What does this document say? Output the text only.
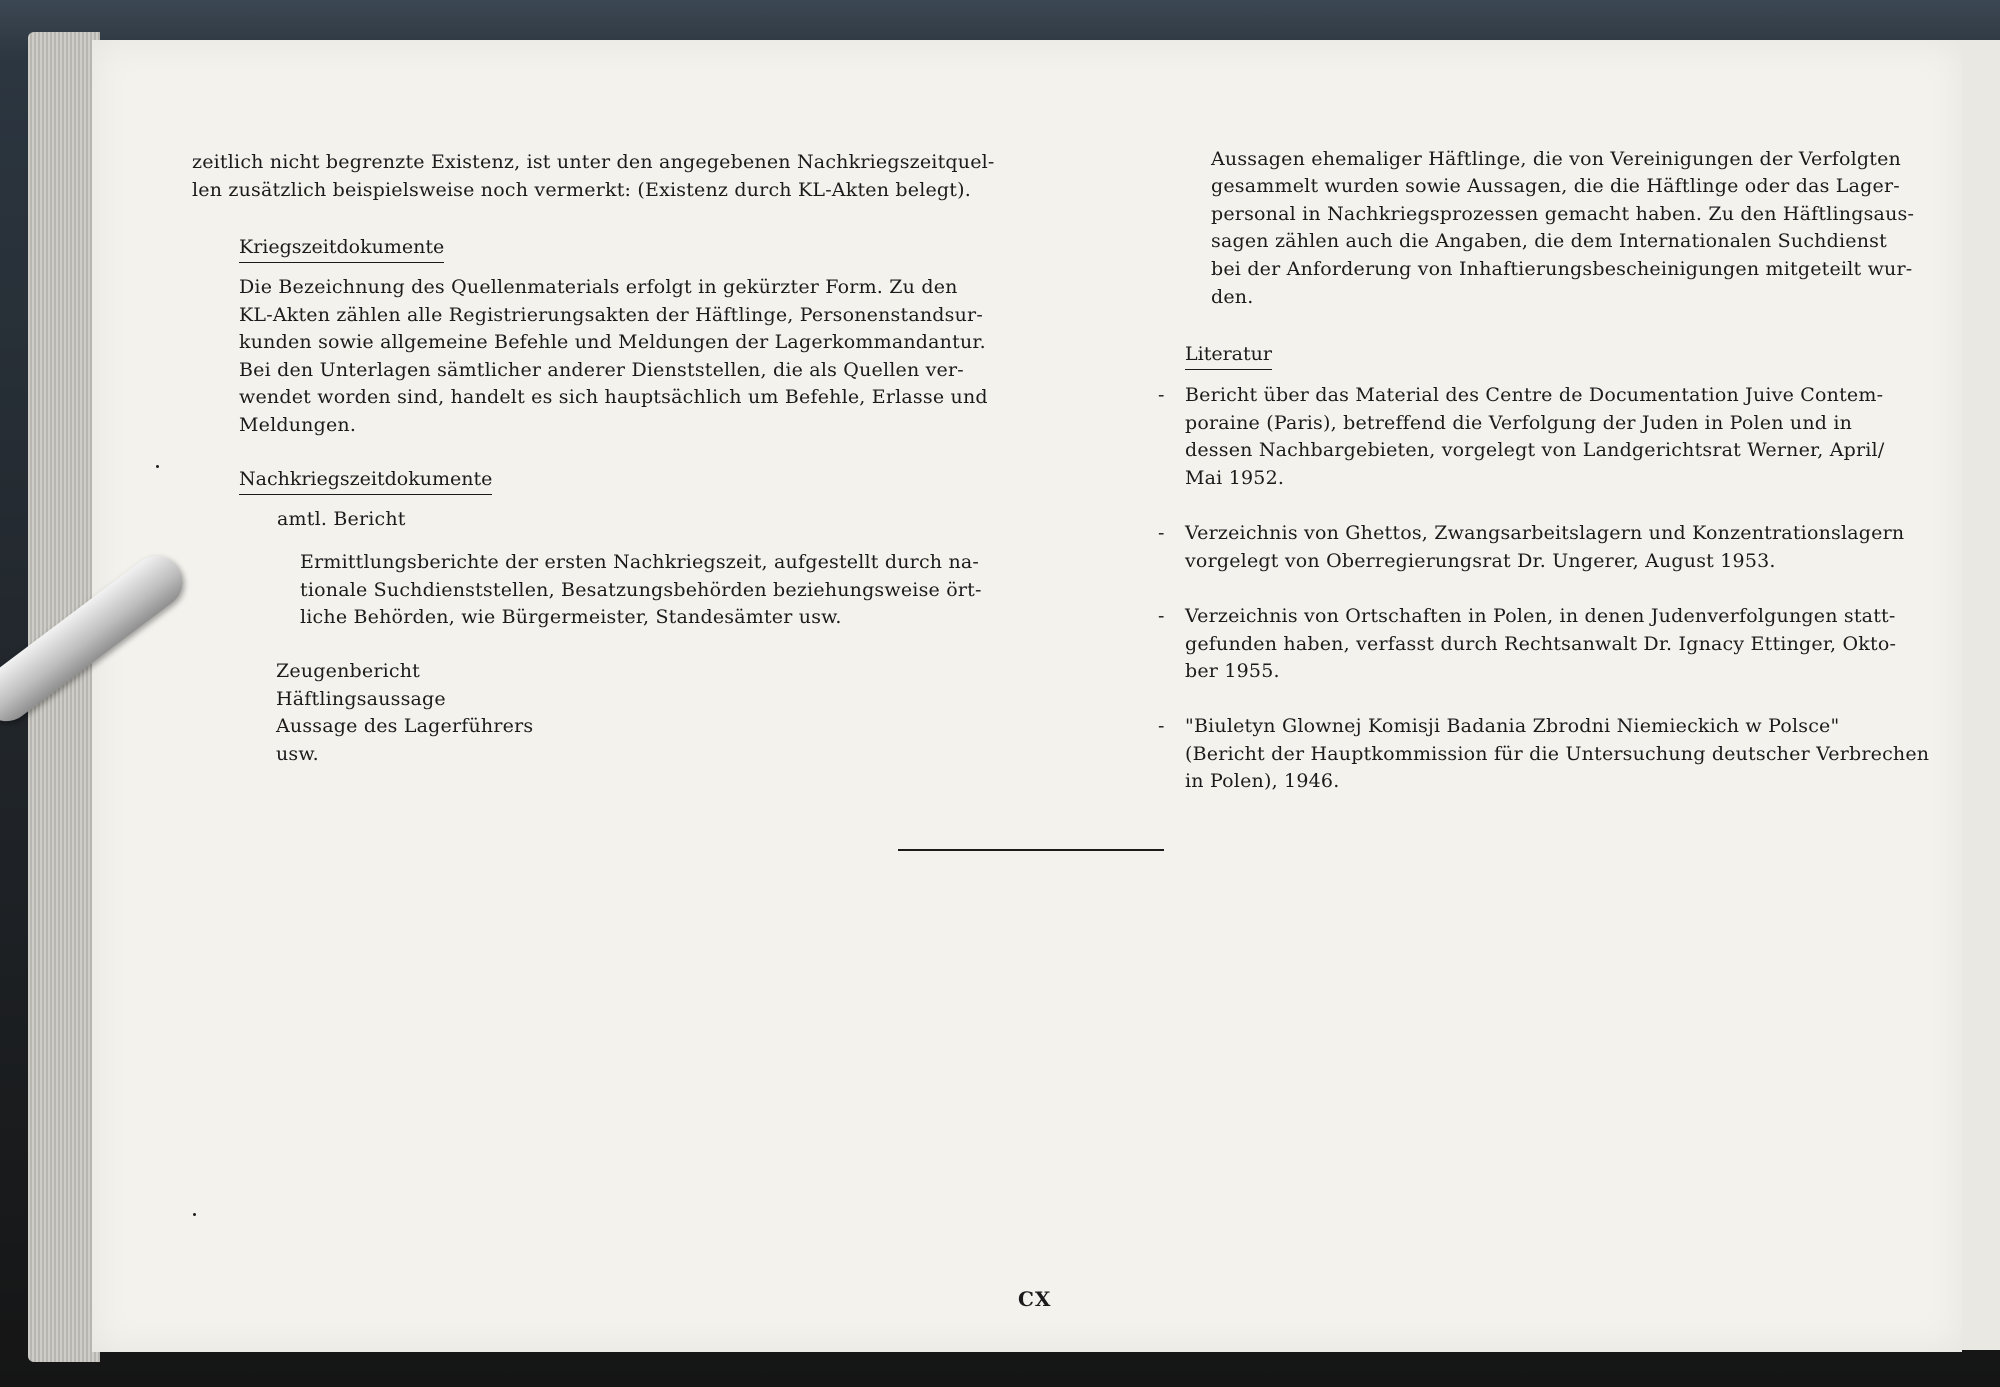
zeitlich nicht begrenzte Existenz, ist unter den angegebenen Nachkriegszeitquel-
len zusätzlich beispielsweise noch vermerkt: (Existenz durch KL-Akten belegt).
Kriegszeitdokumente
Die Bezeichnung des Quellenmaterials erfolgt in gekürzter Form. Zu den
KL-Akten zählen alle Registrierungsakten der Häftlinge, Personenstandsur-
kunden sowie allgemeine Befehle und Meldungen der Lagerkommandantur.
Bei den Unterlagen sämtlicher anderer Dienststellen, die als Quellen ver-
wendet worden sind, handelt es sich hauptsächlich um Befehle, Erlasse und
Meldungen.
Nachkriegszeitdokumente
amtl. Bericht
Ermittlungsberichte der ersten Nachkriegszeit, aufgestellt durch na-
tionale Suchdienststellen, Besatzungsbehörden beziehungsweise ört-
liche Behörden, wie Bürgermeister, Standesämter usw.
Zeugenbericht
Häftlingsaussage
Aussage des Lagerführers
usw.
Aussagen ehemaliger Häftlinge, die von Vereinigungen der Verfolgten
gesammelt wurden sowie Aussagen, die die Häftlinge oder das Lager-
personal in Nachkriegsprozessen gemacht haben. Zu den Häftlingsaus-
sagen zählen auch die Angaben, die dem Internationalen Suchdienst
bei der Anforderung von Inhaftierungsbescheinigungen mitgeteilt wur-
den.
Literatur
- Bericht über das Material des Centre de Documentation Juive Contem-
poraine (Paris), betreffend die Verfolgung der Juden in Polen und in
dessen Nachbargebieten, vorgelegt von Landgerichtsrat Werner, April/
Mai 1952.
- Verzeichnis von Ghettos, Zwangsarbeitslagern und Konzentrationslagern
vorgelegt von Oberregierungsrat Dr. Ungerer, August 1953.
- Verzeichnis von Ortschaften in Polen, in denen Judenverfolgungen statt-
gefunden haben, verfasst durch Rechtsanwalt Dr. Ignacy Ettinger, Okto-
ber 1955.
- "Biuletyn Glownej Komisji Badania Zbrodni Niemieckich w Polsce"
(Bericht der Hauptkommission für die Untersuchung deutscher Verbrechen
in Polen), 1946.
CX
